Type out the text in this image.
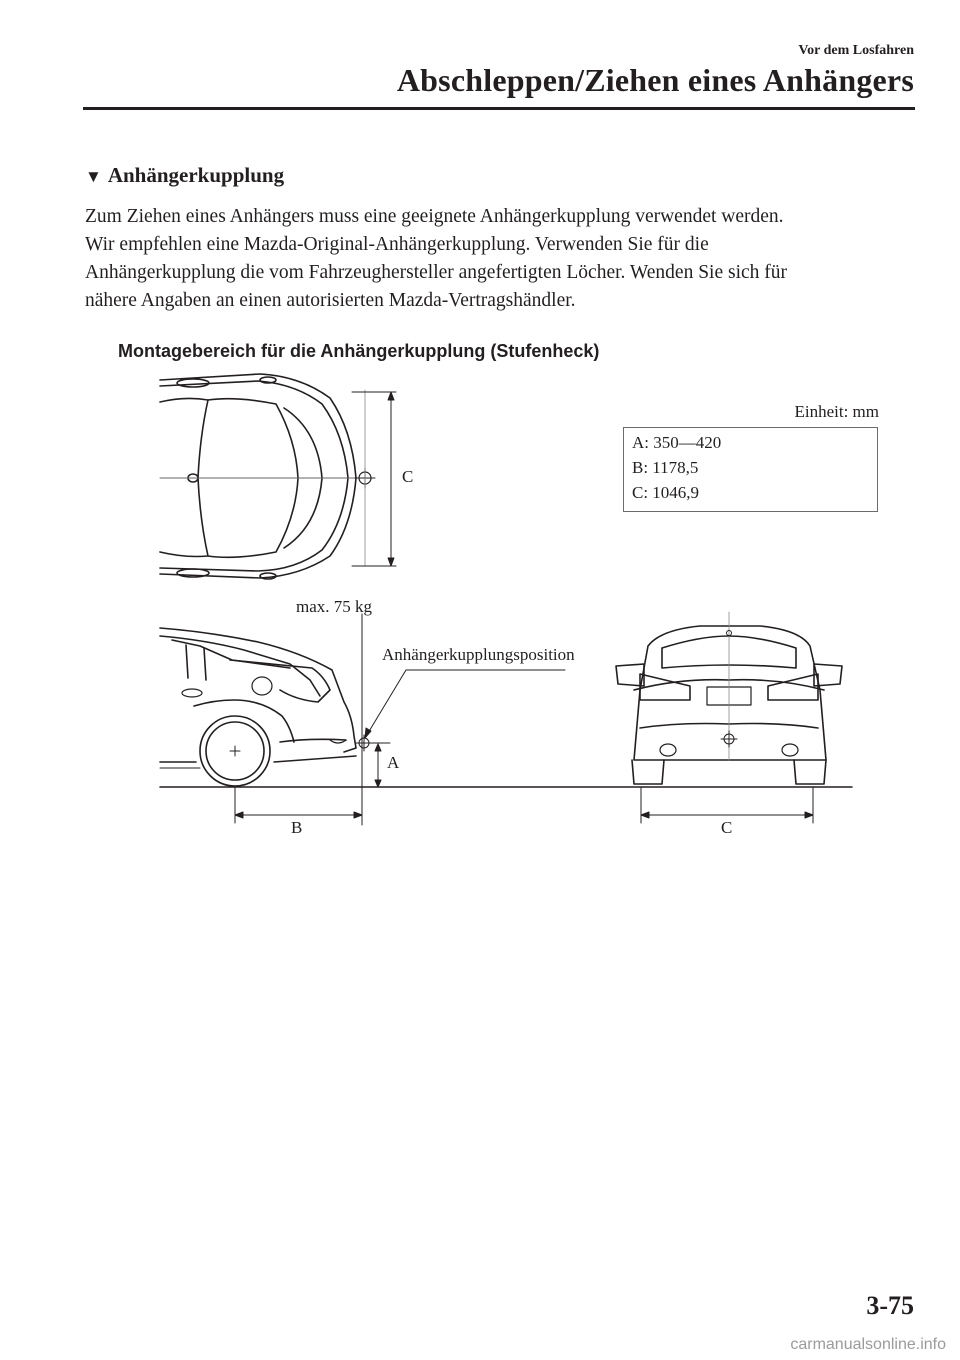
Vor dem Losfahren
Abschleppen/Ziehen eines Anhängers
▼ Anhängerkupplung

Zum Ziehen eines Anhängers muss eine geeignete Anhängerkupplung verwendet werden.
Wir empfehlen eine Mazda-Original-Anhängerkupplung. Verwenden Sie für die
Anhängerkupplung die vom Fahrzeughersteller angefertigten Löcher. Wenden Sie sich für
nähere Angaben an einen autorisierten Mazda-Vertragshändler.

Montagebereich für die Anhängerkupplung (Stufenheck)
Einheit: mm
A: 350—420
B: 1178,5
C: 1046,9
C
max. 75 kg
Anhängerkupplungsposition
A
B	C
3-75
carmanualsonline.info
